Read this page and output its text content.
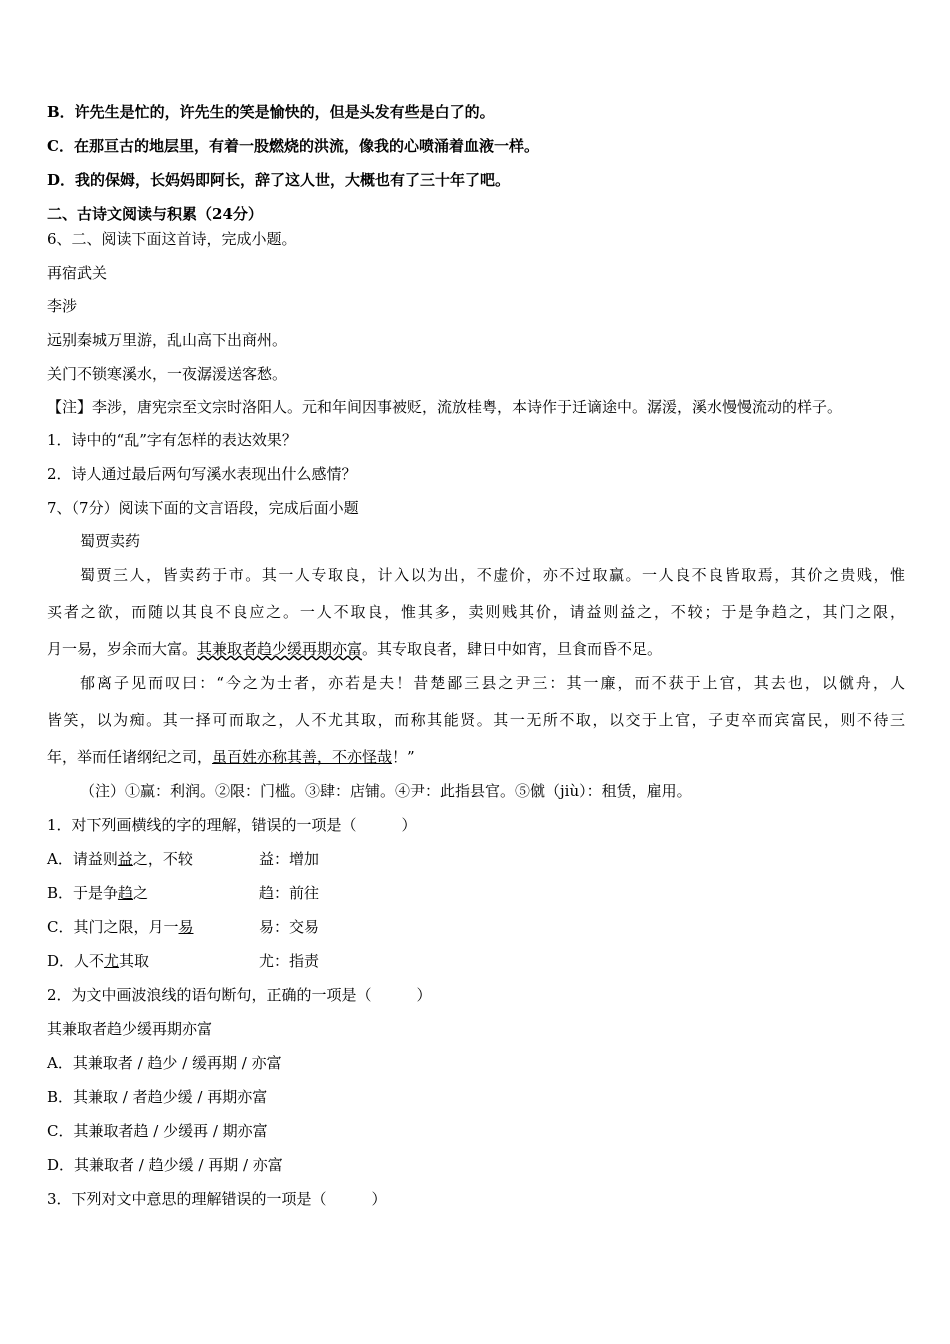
B．许先生是忙的，许先生的笑是愉快的，但是头发有些是白了的。
C．在那亘古的地层里，有着一股燃烧的洪流，像我的心喷涌着血液一样。
D．我的保姆，长妈妈即阿长，辞了这人世，大概也有了三十年了吧。
二、古诗文阅读与积累（24分）
6、二、阅读下面这首诗，完成小题。
再宿武关
李涉
远别秦城万里游，乱山高下出商州。
关门不锁寒溪水，一夜潺湲送客愁。
【注】李涉，唐宪宗至文宗时洛阳人。元和年间因事被贬，流放桂粤，本诗作于迁谪途中。潺湲，溪水慢慢流动的样子。
1．诗中的“乱”字有怎样的表达效果？
2．诗人通过最后两句写溪水表现出什么感情？
7、（7分）阅读下面的文言语段，完成后面小题
蜀贾卖药
蜀贾三人，皆卖药于市。其一人专取良，计入以为出，不虚价，亦不过取赢。一人良不良皆取焉，其价之贵贱，惟
买者之欲，而随以其良不良应之。一人不取良，惟其多，卖则贱其价，请益则益之，不较；于是争趋之，其门之限，
月一易，岁余而大富。其兼取者趋少缓再期亦富。其专取良者，肆日中如宵，旦食而昏不足。
郁离子见而叹曰：“今之为士者，亦若是夫！昔楚鄙三县之尹三：其一廉，而不获于上官，其去也，以僦舟，人
皆笑，以为痴。其一择可而取之，人不尤其取，而称其能贤。其一无所不取，以交于上官，子吏卒而宾富民，则不待三
年，举而任诸纲纪之司，虽百姓亦称其善，不亦怪哉！”
（注）①赢：利润。②限：门槛。③肆：店铺。④尹：此指县官。⑤僦（jiù）：租赁，雇用。
1．对下列画横线的字的理解，错误的一项是（　　　）
A．请益则益之，不较	益：增加
B．于是争趋之	趋：前往
C．其门之限，月一易	易：交易
D．人不尤其取	尤：指责
2．为文中画波浪线的语句断句，正确的一项是（　　　）
其兼取者趋少缓再期亦富
A．其兼取者 / 趋少 / 缓再期 / 亦富
B．其兼取 / 者趋少缓 / 再期亦富
C．其兼取者趋 / 少缓再 / 期亦富
D．其兼取者 / 趋少缓 / 再期 / 亦富
3．下列对文中意思的理解错误的一项是（　　　）
